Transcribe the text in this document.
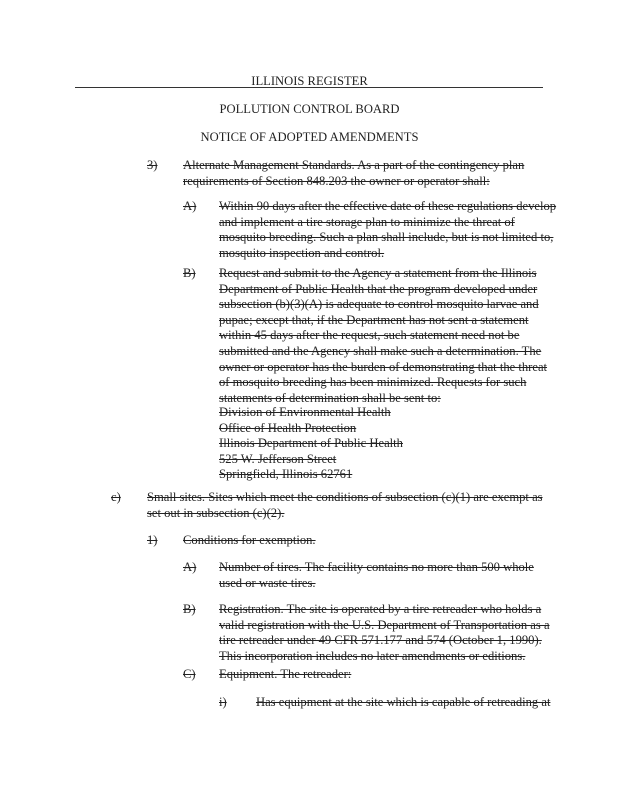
ILLINOIS REGISTER
POLLUTION CONTROL BOARD
NOTICE OF ADOPTED AMENDMENTS
3) Alternate Management Standards. As a part of the contingency plan
requirements of Section 848.203 the owner or operator shall:
A) Within 90 days after the effective date of these regulations develop
and implement a tire storage plan to minimize the threat of
mosquito breeding. Such a plan shall include, but is not limited to,
mosquito inspection and control.
B) Request and submit to the Agency a statement from the Illinois
Department of Public Health that the program developed under
subsection (b)(3)(A) is adequate to control mosquito larvae and
pupae; except that, if the Department has not sent a statement
within 45 days after the request, such statement need not be
submitted and the Agency shall make such a determination. The
owner or operator has the burden of demonstrating that the threat
of mosquito breeding has been minimized. Requests for such
statements of determination shall be sent to:
Division of Environmental Health
Office of Health Protection
Illinois Department of Public Health
525 W. Jefferson Street
Springfield, Illinois 62761
c) Small sites. Sites which meet the conditions of subsection (c)(1) are exempt as
set out in subsection (c)(2).
1) Conditions for exemption.
A) Number of tires. The facility contains no more than 500 whole
used or waste tires.
B) Registration. The site is operated by a tire retreader who holds a
valid registration with the U.S. Department of Transportation as a
tire retreader under 49 CFR 571.177 and 574 (October 1, 1990).
This incorporation includes no later amendments or editions.
C) Equipment. The retreader:
i) Has equipment at the site which is capable of retreading at
